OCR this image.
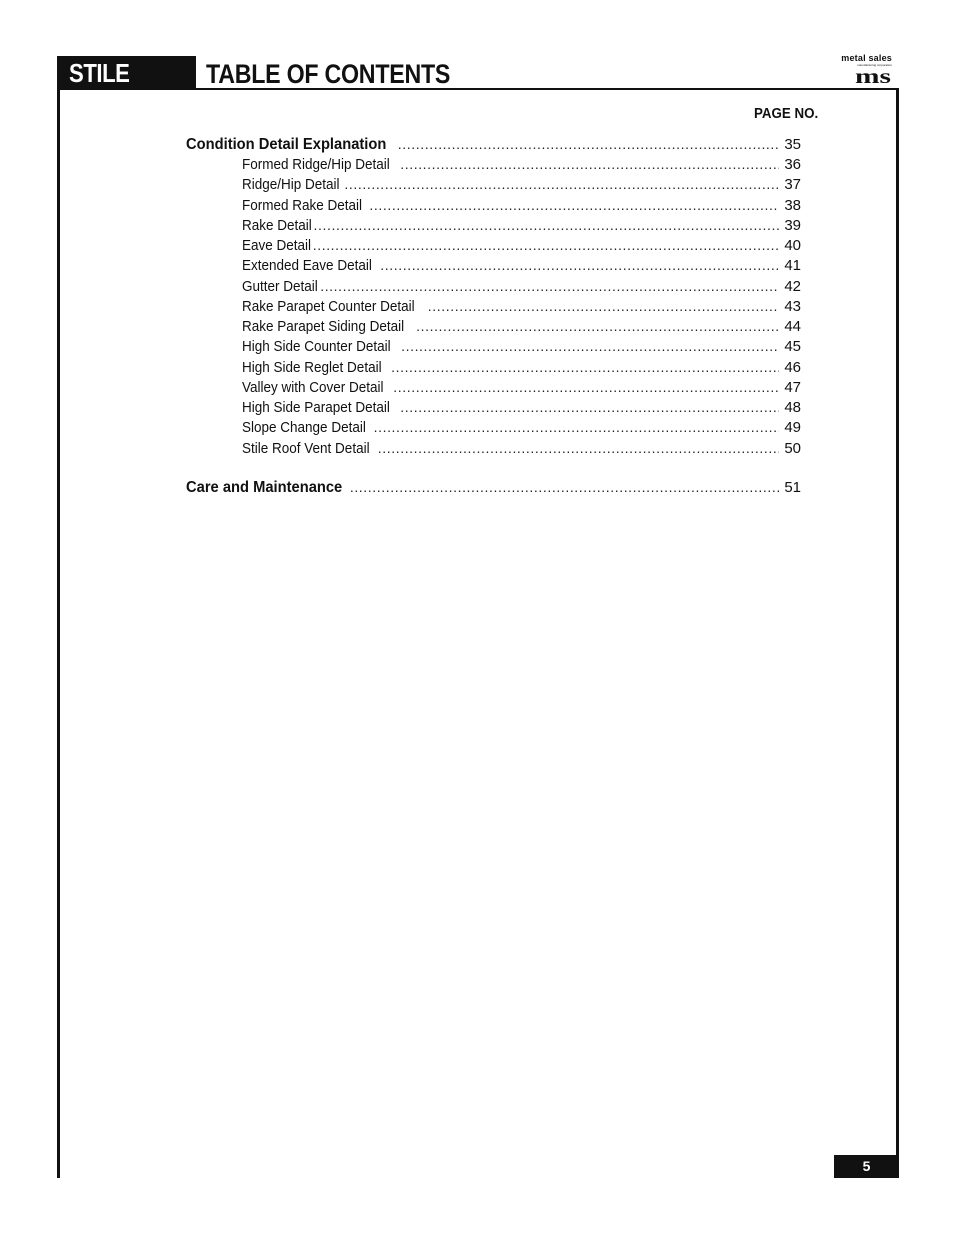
STILE	TABLE OF CONTENTS
metal sales
manufacturing corporation
ms
PAGE NO.
Condition Detail Explanation .....	35
Formed Ridge/Hip Detail .....	36
Ridge/Hip Detail .....	37
Formed Rake Detail .....	38
Rake Detail .....	39
Eave Detail .....	40
Extended Eave Detail .....	41
Gutter Detail .....	42
Rake Parapet Counter Detail .....	43
Rake Parapet Siding Detail .....	44
High Side Counter Detail .....	45
High Side Reglet Detail .....	46
Valley with Cover Detail .....	47
High Side Parapet Detail .....	48
Slope Change Detail .....	49
Stile Roof Vent Detail .....	50
Care and Maintenance .....	51
5
